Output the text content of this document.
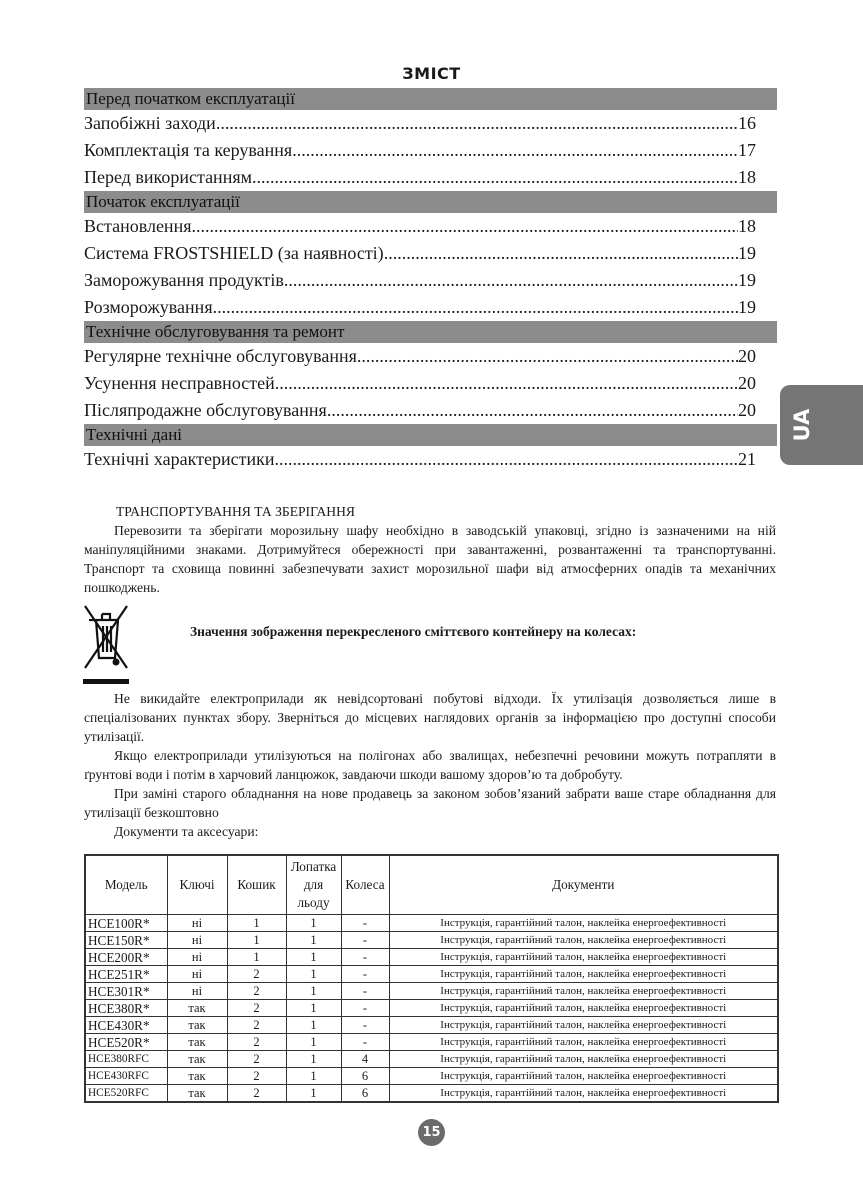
ЗМІСТ
Перед початком експлуатації
Запобіжні заходи .....	16
Комплектація та керування .....	17
Перед використанням .....	18
Початок експлуатації
Встановлення .....	18
Система FROSTSHIELD (за наявності) .....	19
Заморожування продуктів .....	19
Розморожування .....	19
Технічне обслуговування та ремонт
Регулярне технічне обслуговування .....	20
Усунення несправностей .....	20
Післяпродажне обслуговування .....	20
Технічні дані
Технічні характеристики .....	21
UA
ТРАНСПОРТУВАННЯ ТА ЗБЕРІГАННЯ

Перевозити та зберігати морозильну шафу необхідно в заводській упаковці, згідно із зазначеними на ній маніпуляційними знаками. Дотримуйтеся обережності при завантаженні, розвантаженні та транспортуванні. Транспорт та сховища повинні забезпечувати захист морозильної шафи від атмосферних опадів та механічних пошкоджень.

Значення зображення перекресленого сміттєвого контейнеру на колесах:

Не викидайте електроприлади як невідсортовані побутові відходи. Їх утилізація дозволяється лише в спеціалізованих пунктах збору. Зверніться до місцевих наглядових органів за інформацією про доступні способи утилізації.

Якщо електроприлади утилізуються на полігонах або звалищах, небезпечні речовини можуть потрапляти в ґрунтові води і потім в харчовий ланцюжок, завдаючи шкоди вашому здоров’ю та добробуту.

При заміні старого обладнання на нове продавець за законом зобов’язаний забрати ваше старе обладнання для утилізації безкоштовно

Документи та аксесуари:

Модель	Ключі	Кошик	Лопатка для льоду	Колеса	Документи
HCE100R*	ні	1	1	-	Інструкція, гарантійний талон, наклейка енергоефективності
HCE150R*	ні	1	1	-	Інструкція, гарантійний талон, наклейка енергоефективності
HCE200R*	ні	1	1	-	Інструкція, гарантійний талон, наклейка енергоефективності
HCE251R*	ні	2	1	-	Інструкція, гарантійний талон, наклейка енергоефективності
HCE301R*	ні	2	1	-	Інструкція, гарантійний талон, наклейка енергоефективності
HCE380R*	так	2	1	-	Інструкція, гарантійний талон, наклейка енергоефективності
HCE430R*	так	2	1	-	Інструкція, гарантійний талон, наклейка енергоефективності
HCE520R*	так	2	1	-	Інструкція, гарантійний талон, наклейка енергоефективності
HCE380RFC	так	2	1	4	Інструкція, гарантійний талон, наклейка енергоефективності
HCE430RFC	так	2	1	6	Інструкція, гарантійний талон, наклейка енергоефективності
HCE520RFC	так	2	1	6	Інструкція, гарантійний талон, наклейка енергоефективності
15
